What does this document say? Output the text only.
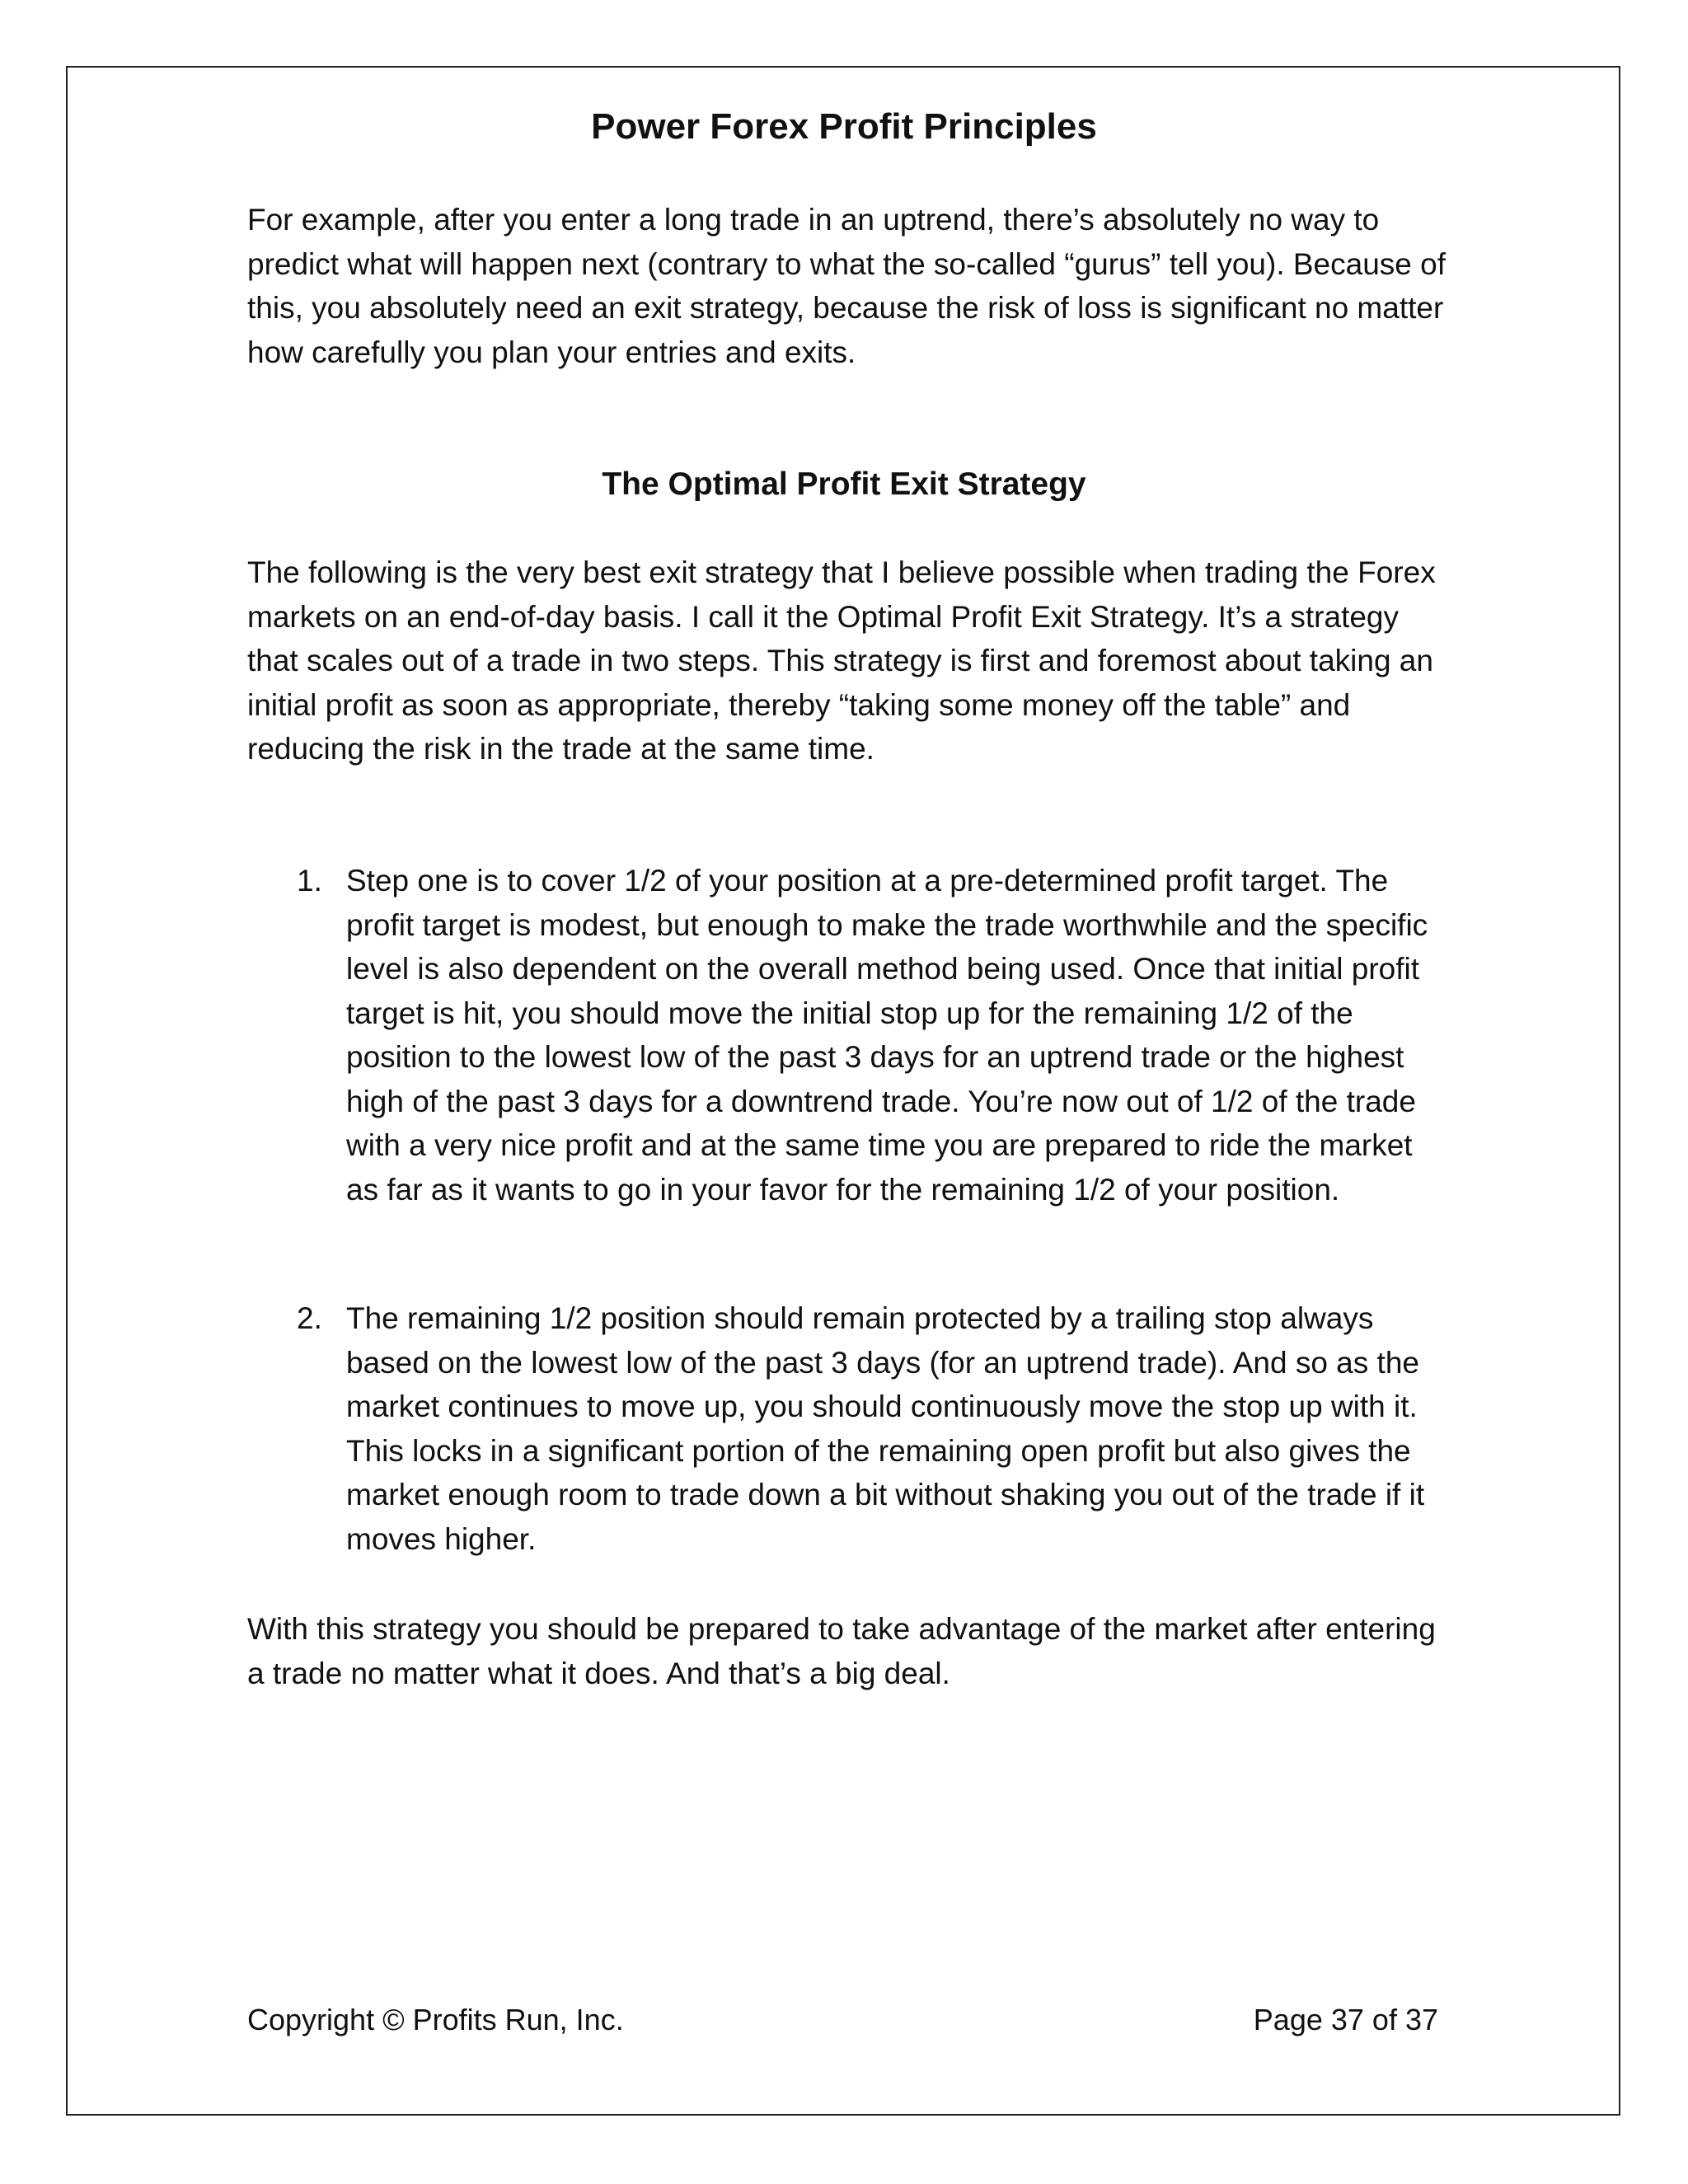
Power Forex Profit Principles

For example, after you enter a long trade in an uptrend, there’s absolutely no way to predict what will happen next (contrary to what the so-called “gurus” tell you). Because of this, you absolutely need an exit strategy, because the risk of loss is significant no matter how carefully you plan your entries and exits.

The Optimal Profit Exit Strategy

The following is the very best exit strategy that I believe possible when trading the Forex markets on an end-of-day basis. I call it the Optimal Profit Exit Strategy. It’s a strategy that scales out of a trade in two steps. This strategy is first and foremost about taking an initial profit as soon as appropriate, thereby “taking some money off the table” and reducing the risk in the trade at the same time.

1. Step one is to cover 1/2 of your position at a pre-determined profit target. The profit target is modest, but enough to make the trade worthwhile and the specific level is also dependent on the overall method being used. Once that initial profit target is hit, you should move the initial stop up for the remaining 1/2 of the position to the lowest low of the past 3 days for an uptrend trade or the highest high of the past 3 days for a downtrend trade. You’re now out of 1/2 of the trade with a very nice profit and at the same time you are prepared to ride the market as far as it wants to go in your favor for the remaining 1/2 of your position.

2. The remaining 1/2 position should remain protected by a trailing stop always based on the lowest low of the past 3 days (for an uptrend trade). And so as the market continues to move up, you should continuously move the stop up with it. This locks in a significant portion of the remaining open profit but also gives the market enough room to trade down a bit without shaking you out of the trade if it moves higher.

With this strategy you should be prepared to take advantage of the market after entering a trade no matter what it does. And that’s a big deal.

Copyright © Profits Run, Inc.	Page 37 of 37
